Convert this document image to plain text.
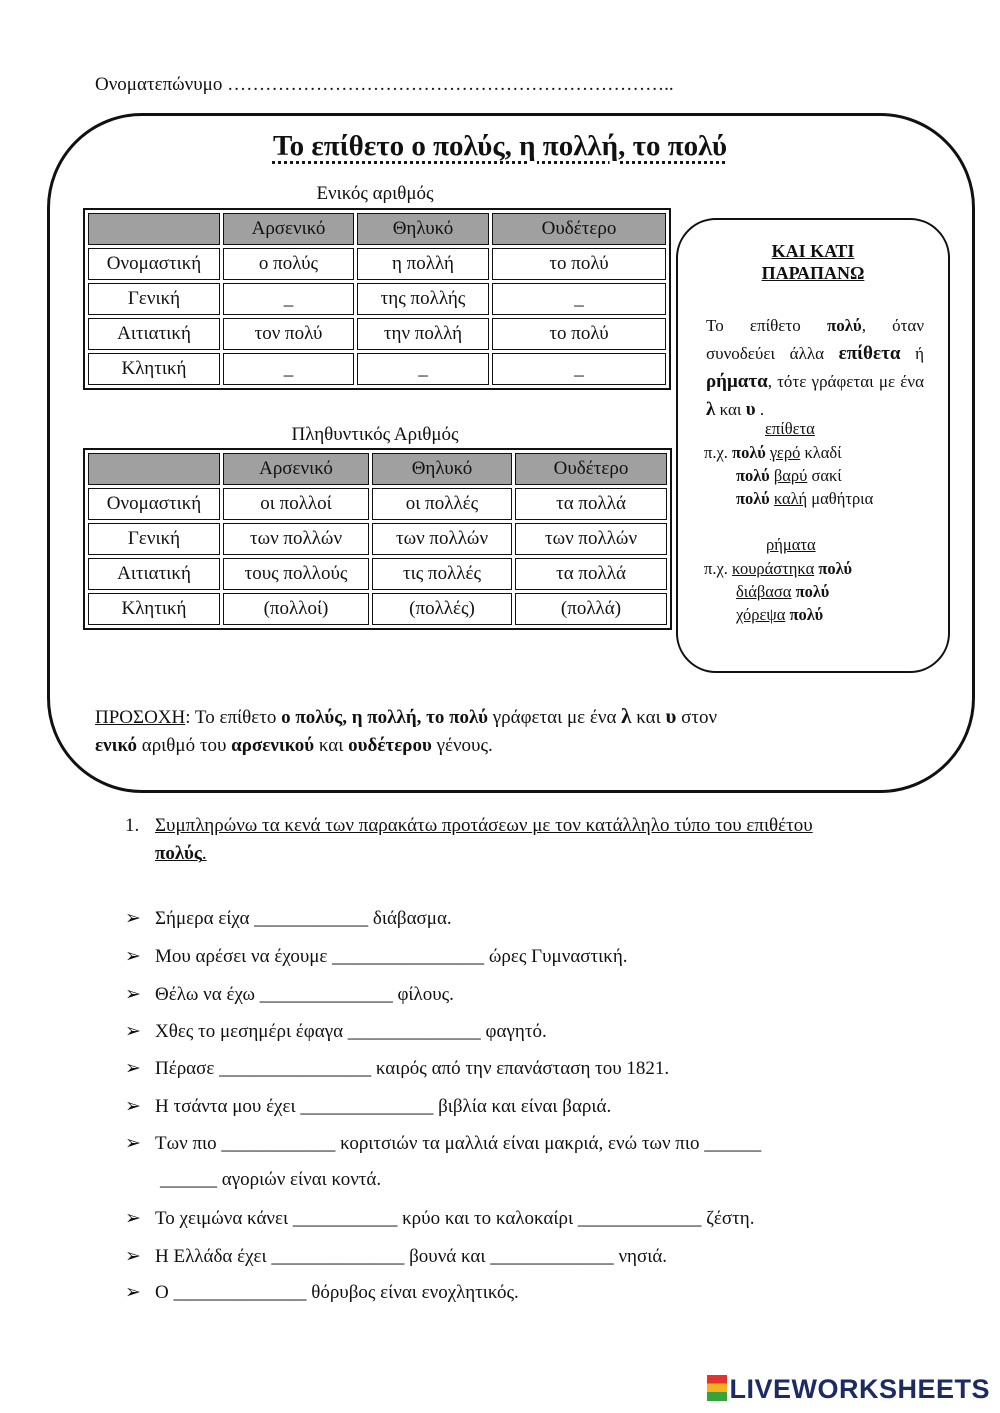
Ονοματεπώνυμο ……………………………………………………………..
Το επίθετο ο πολύς, η πολλή, το πολύ
Ενικός αριθμός
	Αρσενικό	Θηλυκό	Ουδέτερο
Ονομαστική	ο πολύς	η πολλή	το πολύ
Γενική	_	της πολλής	_
Αιτιατική	τον πολύ	την πολλή	το πολύ
Κλητική	_	_	_
Πληθυντικός Αριθμός
	Αρσενικό	Θηλυκό	Ουδέτερο
Ονομαστική	οι πολλοί	οι πολλές	τα πολλά
Γενική	των πολλών	των πολλών	των πολλών
Αιτιατική	τους πολλούς	τις πολλές	τα πολλά
Κλητική	(πολλοί)	(πολλές)	(πολλά)
ΚΑΙ ΚΑΤΙ
ΠΑΡΑΠΑΝΩ
Το επίθετο πολύ, όταν συνοδεύει άλλα επίθετα ή ρήματα, τότε γράφεται με ένα λ και υ .
επίθετα
π.χ. πολύ γερό κλαδί
πολύ βαρύ σακί
πολύ καλή μαθήτρια
ρήματα
π.χ. κουράστηκα πολύ
διάβασα πολύ
χόρεψα πολύ
ΠΡΟΣΟΧΗ: Το επίθετο ο πολύς, η πολλή, το πολύ γράφεται με ένα λ και υ στον
ενικό αριθμό του αρσενικού και ουδέτερου γένους.
1. Συμπληρώνω τα κενά των παρακάτω προτάσεων με τον κατάλληλο τύπο του επιθέτου
πολύς.
➢ Σήμερα είχα ____________ διάβασμα.
➢ Μου αρέσει να έχουμε ________________ ώρες Γυμναστική.
➢ Θέλω να έχω ______________ φίλους.
➢ Χθες το μεσημέρι έφαγα ______________ φαγητό.
➢ Πέρασε ________________ καιρός από την επανάσταση του 1821.
➢ Η τσάντα μου έχει ______________ βιβλία και είναι βαριά.
➢ Των πιο ____________ κοριτσιών τα μαλλιά είναι μακριά, ενώ των πιο ______
______ αγοριών είναι κοντά.
➢ Το χειμώνα κάνει ___________ κρύο και το καλοκαίρι _____________ ζέστη.
➢ Η Ελλάδα έχει ______________ βουνά και _____________ νησιά.
➢ Ο ______________ θόρυβος είναι ενοχλητικός.
LIVEWORKSHEETS
